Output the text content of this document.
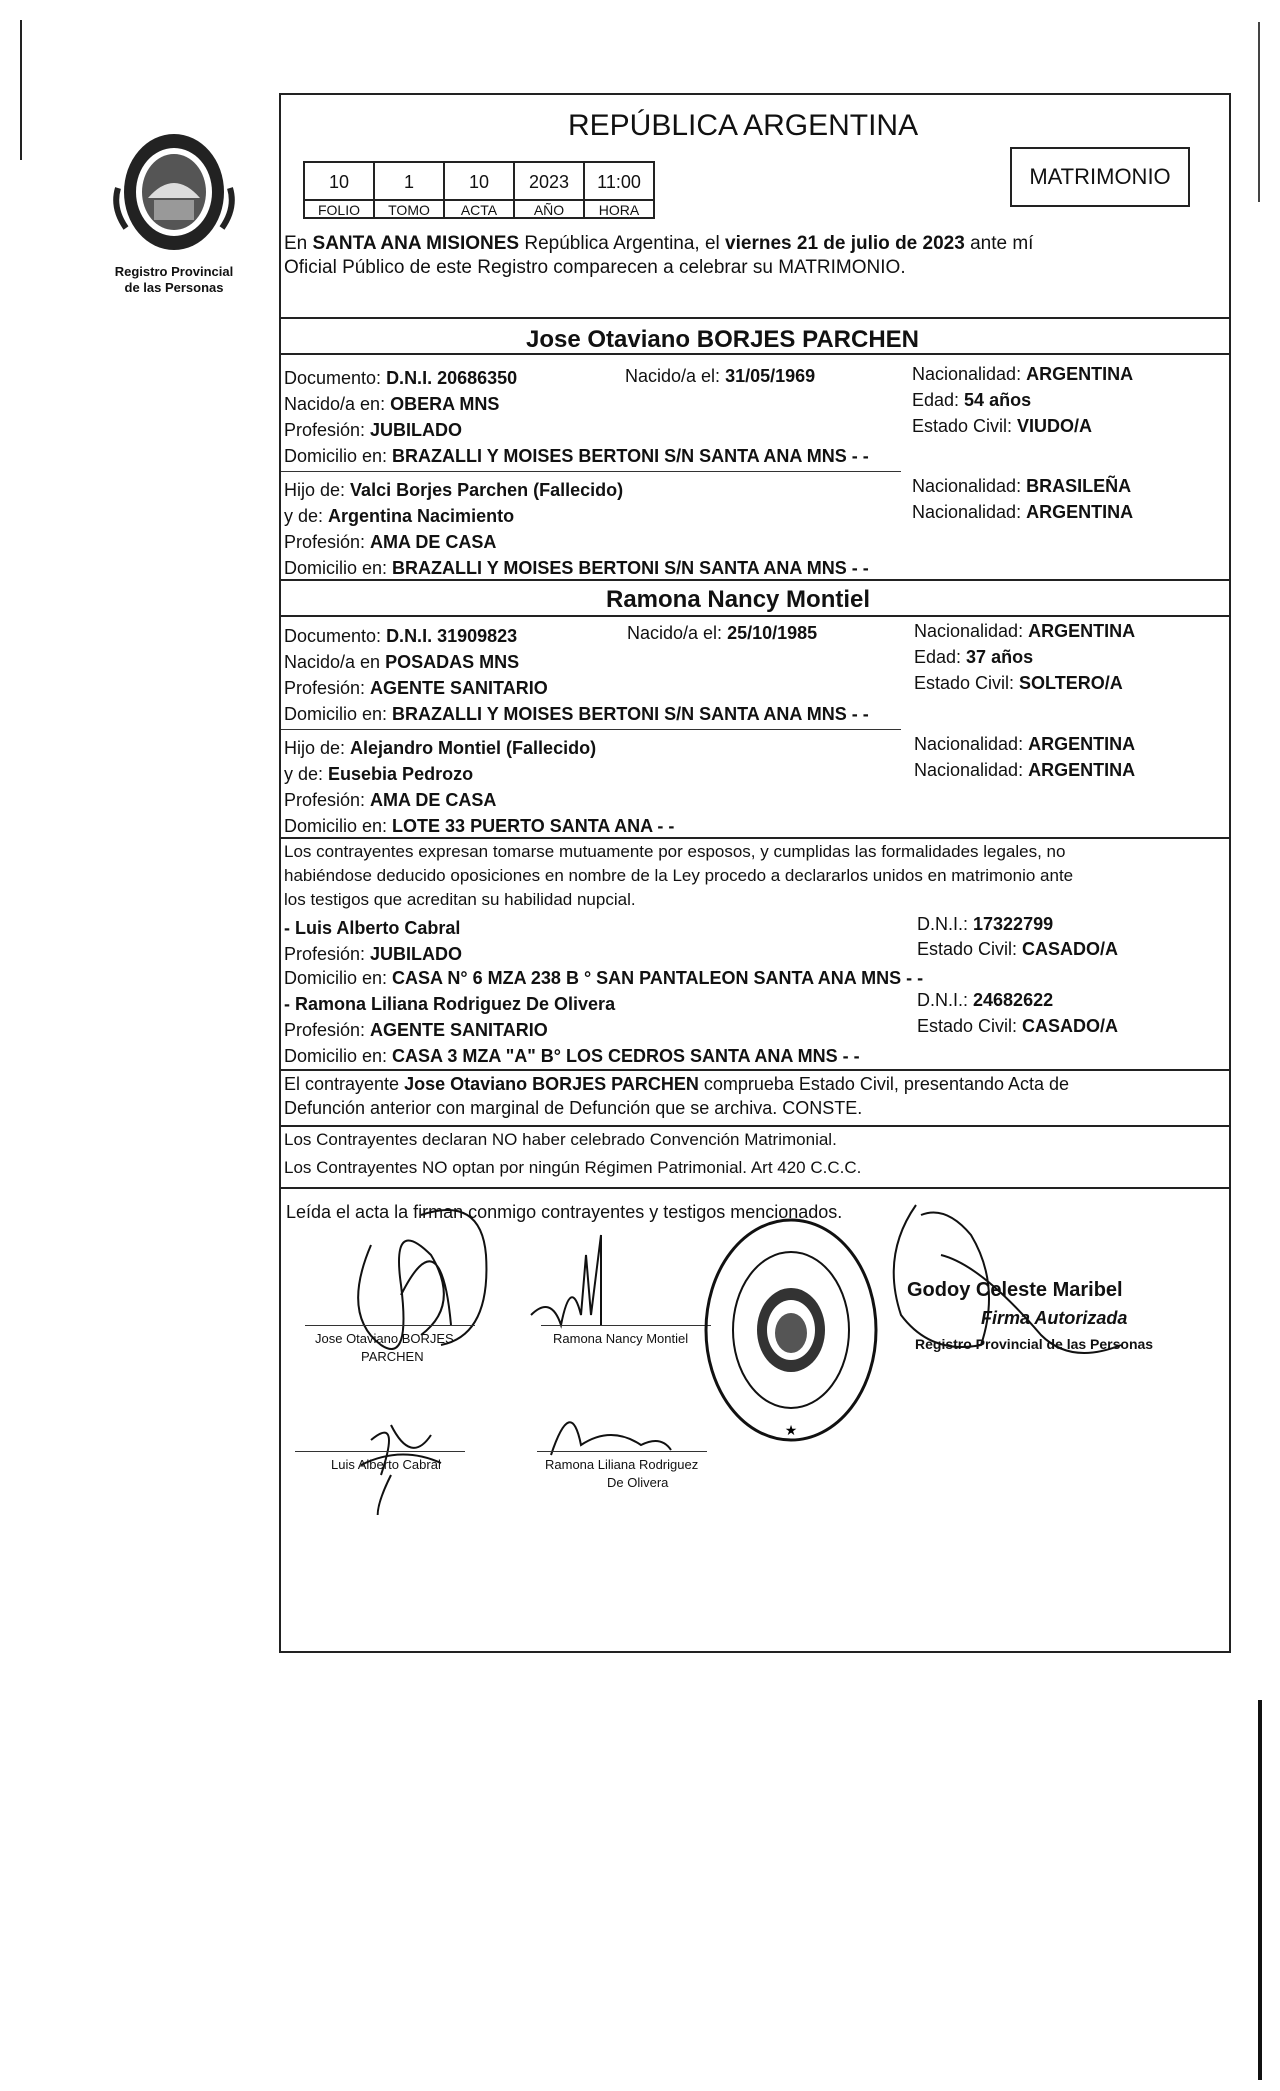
Registro Provincial
de las Personas
REPÚBLICA ARGENTINA
10	1	10	2023	11:00
FOLIO	TOMO	ACTA	AÑO	HORA
MATRIMONIO
En SANTA ANA MISIONES República Argentina, el viernes 21 de julio de 2023 ante mí
Oficial Público de este Registro comparecen a celebrar su MATRIMONIO.
Jose Otaviano BORJES PARCHEN
Documento: D.N.I. 20686350	Nacido/a el: 31/05/1969	Nacionalidad: ARGENTINA
Nacido/a en: OBERA MNS	Edad: 54 años
Profesión: JUBILADO	Estado Civil: VIUDO/A
Domicilio en: BRAZALLI Y MOISES BERTONI S/N SANTA ANA MNS - -
Hijo de: Valci Borjes Parchen (Fallecido)	Nacionalidad: BRASILEÑA
y de: Argentina Nacimiento	Nacionalidad: ARGENTINA
Profesión: AMA DE CASA
Domicilio en: BRAZALLI Y MOISES BERTONI S/N SANTA ANA MNS - -
Ramona Nancy Montiel
Documento: D.N.I. 31909823	Nacido/a el: 25/10/1985	Nacionalidad: ARGENTINA
Nacido/a en POSADAS MNS	Edad: 37 años
Profesión: AGENTE SANITARIO	Estado Civil: SOLTERO/A
Domicilio en: BRAZALLI Y MOISES BERTONI S/N SANTA ANA MNS - -
Hijo de: Alejandro Montiel (Fallecido)	Nacionalidad: ARGENTINA
y de: Eusebia Pedrozo	Nacionalidad: ARGENTINA
Profesión: AMA DE CASA
Domicilio en: LOTE 33 PUERTO SANTA ANA - -
Los contrayentes expresan tomarse mutuamente por esposos, y cumplidas las formalidades legales, no
habiéndose deducido oposiciones en nombre de la Ley procedo a declararlos unidos en matrimonio ante
los testigos que acreditan su habilidad nupcial.
- Luis Alberto Cabral	D.N.I.: 17322799
Profesión: JUBILADO	Estado Civil: CASADO/A
Domicilio en: CASA N° 6 MZA 238 B ° SAN PANTALEON SANTA ANA MNS - -
- Ramona Liliana Rodriguez De Olivera	D.N.I.: 24682622
Profesión: AGENTE SANITARIO	Estado Civil: CASADO/A
Domicilio en: CASA 3 MZA "A" B° LOS CEDROS SANTA ANA MNS - -
El contrayente Jose Otaviano BORJES PARCHEN comprueba Estado Civil, presentando Acta de
Defunción anterior con marginal de Defunción que se archiva. CONSTE.
Los Contrayentes declaran NO haber celebrado Convención Matrimonial.
Los Contrayentes NO optan por ningún Régimen Patrimonial. Art 420 C.C.C.
Leída el acta la firman conmigo contrayentes y testigos mencionados.
Jose Otaviano BORJES
PARCHEN
Ramona Nancy Montiel
Luis Alberto Cabral	Ramona Liliana Rodriguez
De Olivera
★
Godoy Celeste Maribel
Firma Autorizada
Registro Provincial de las Personas
